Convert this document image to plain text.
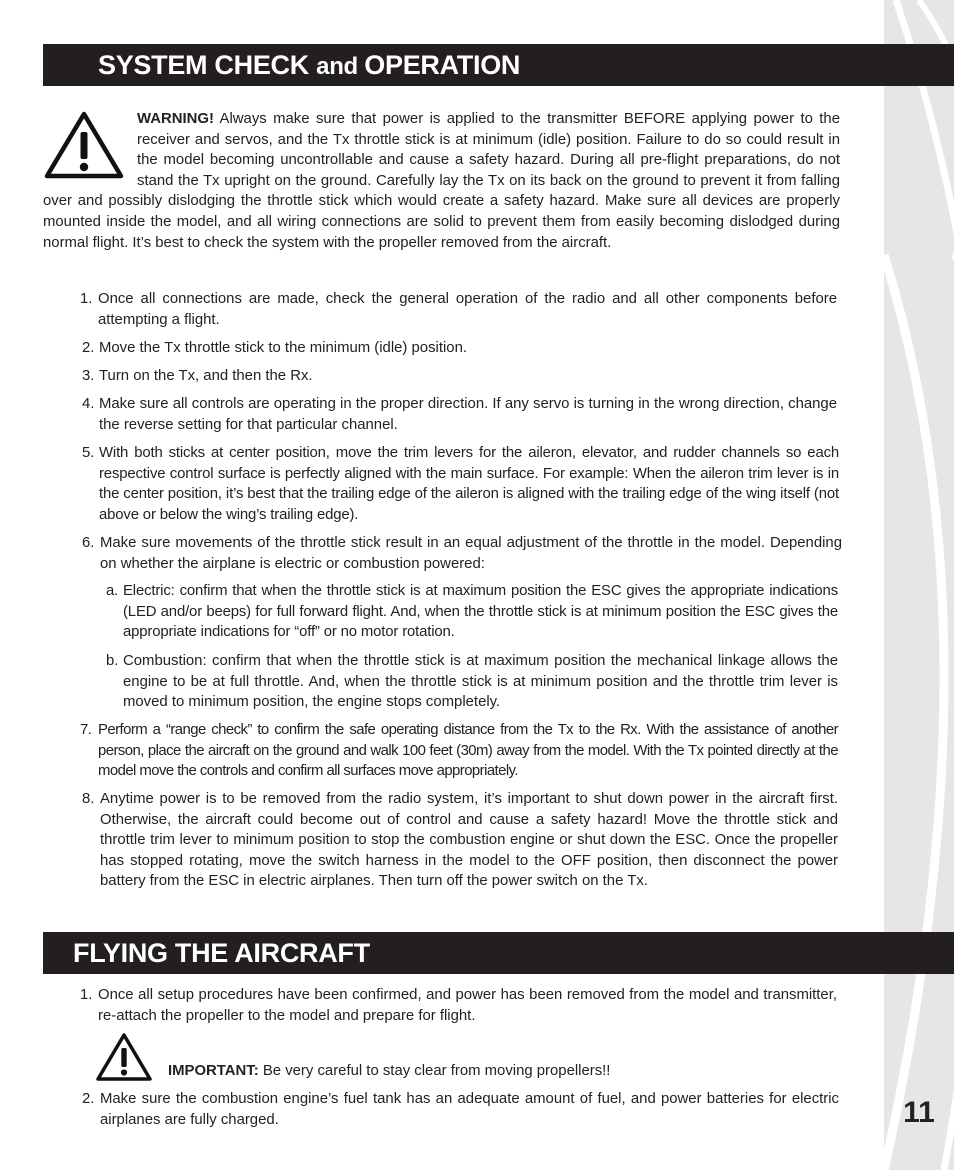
11
SYSTEM CHECK and OPERATION
WARNING! Always make sure that power is applied to the transmitter BEFORE applying power to the receiver and servos, and the Tx throttle stick is at minimum (idle) position. Failure to do so could result in the model becoming uncontrollable and cause a safety hazard. During all pre-flight preparations, do not stand the Tx upright on the ground. Carefully lay the Tx on its back on the ground to prevent it from falling over and possibly dislodging the throttle stick which would create a safety hazard. Make sure all devices are properly mounted inside the model, and all wiring connections are solid to prevent them from easily becoming dislodged during normal flight. It’s best to check the system with the propeller removed from the aircraft.
1. Once all connections are made, check the general operation of the radio and all other components before attempting a flight.
2. Move the Tx throttle stick to the minimum (idle) position.
3. Turn on the Tx, and then the Rx.
4. Make sure all controls are operating in the proper direction. If any servo is turning in the wrong direction, change the reverse setting for that particular channel.
5. With both sticks at center position, move the trim levers for the aileron, elevator, and rudder channels so each respective control surface is perfectly aligned with the main surface. For example: When the aileron trim lever is in the center position, it’s best that the trailing edge of the aileron is aligned with the trailing edge of the wing itself (not above or below the wing’s trailing edge).
6. Make sure movements of the throttle stick result in an equal adjustment of the throttle in the model. Depending on whether the airplane is electric or combustion powered:
a. Electric: confirm that when the throttle stick is at maximum position the ESC gives the appropriate indications (LED and/or beeps) for full forward flight. And, when the throttle stick is at minimum position the ESC gives the appropriate indications for “off” or no motor rotation.
b. Combustion: confirm that when the throttle stick is at maximum position the mechanical linkage allows the engine to be at full throttle. And, when the throttle stick is at minimum position and the throttle trim lever is moved to minimum position, the engine stops completely.
7. Perform a “range check” to confirm the safe operating distance from the Tx to the Rx. With the assistance of another person, place the aircraft on the ground and walk 100 feet (30m) away from the model. With the Tx pointed directly at the model move the controls and confirm all surfaces move appropriately.
8. Anytime power is to be removed from the radio system, it’s important to shut down power in the aircraft first. Otherwise, the aircraft could become out of control and cause a safety hazard! Move the throttle stick and throttle trim lever to minimum position to stop the combustion engine or shut down the ESC. Once the propeller has stopped rotating, move the switch harness in the model to the OFF position, then disconnect the power battery from the ESC in electric airplanes. Then turn off the power switch on the Tx.
FLYING THE AIRCRAFT
1. Once all setup procedures have been confirmed, and power has been removed from the model and transmitter, re-attach the propeller to the model and prepare for flight.
IMPORTANT: Be very careful to stay clear from moving propellers!!
2. Make sure the combustion engine’s fuel tank has an adequate amount of fuel, and power batteries for electric airplanes are fully charged.
